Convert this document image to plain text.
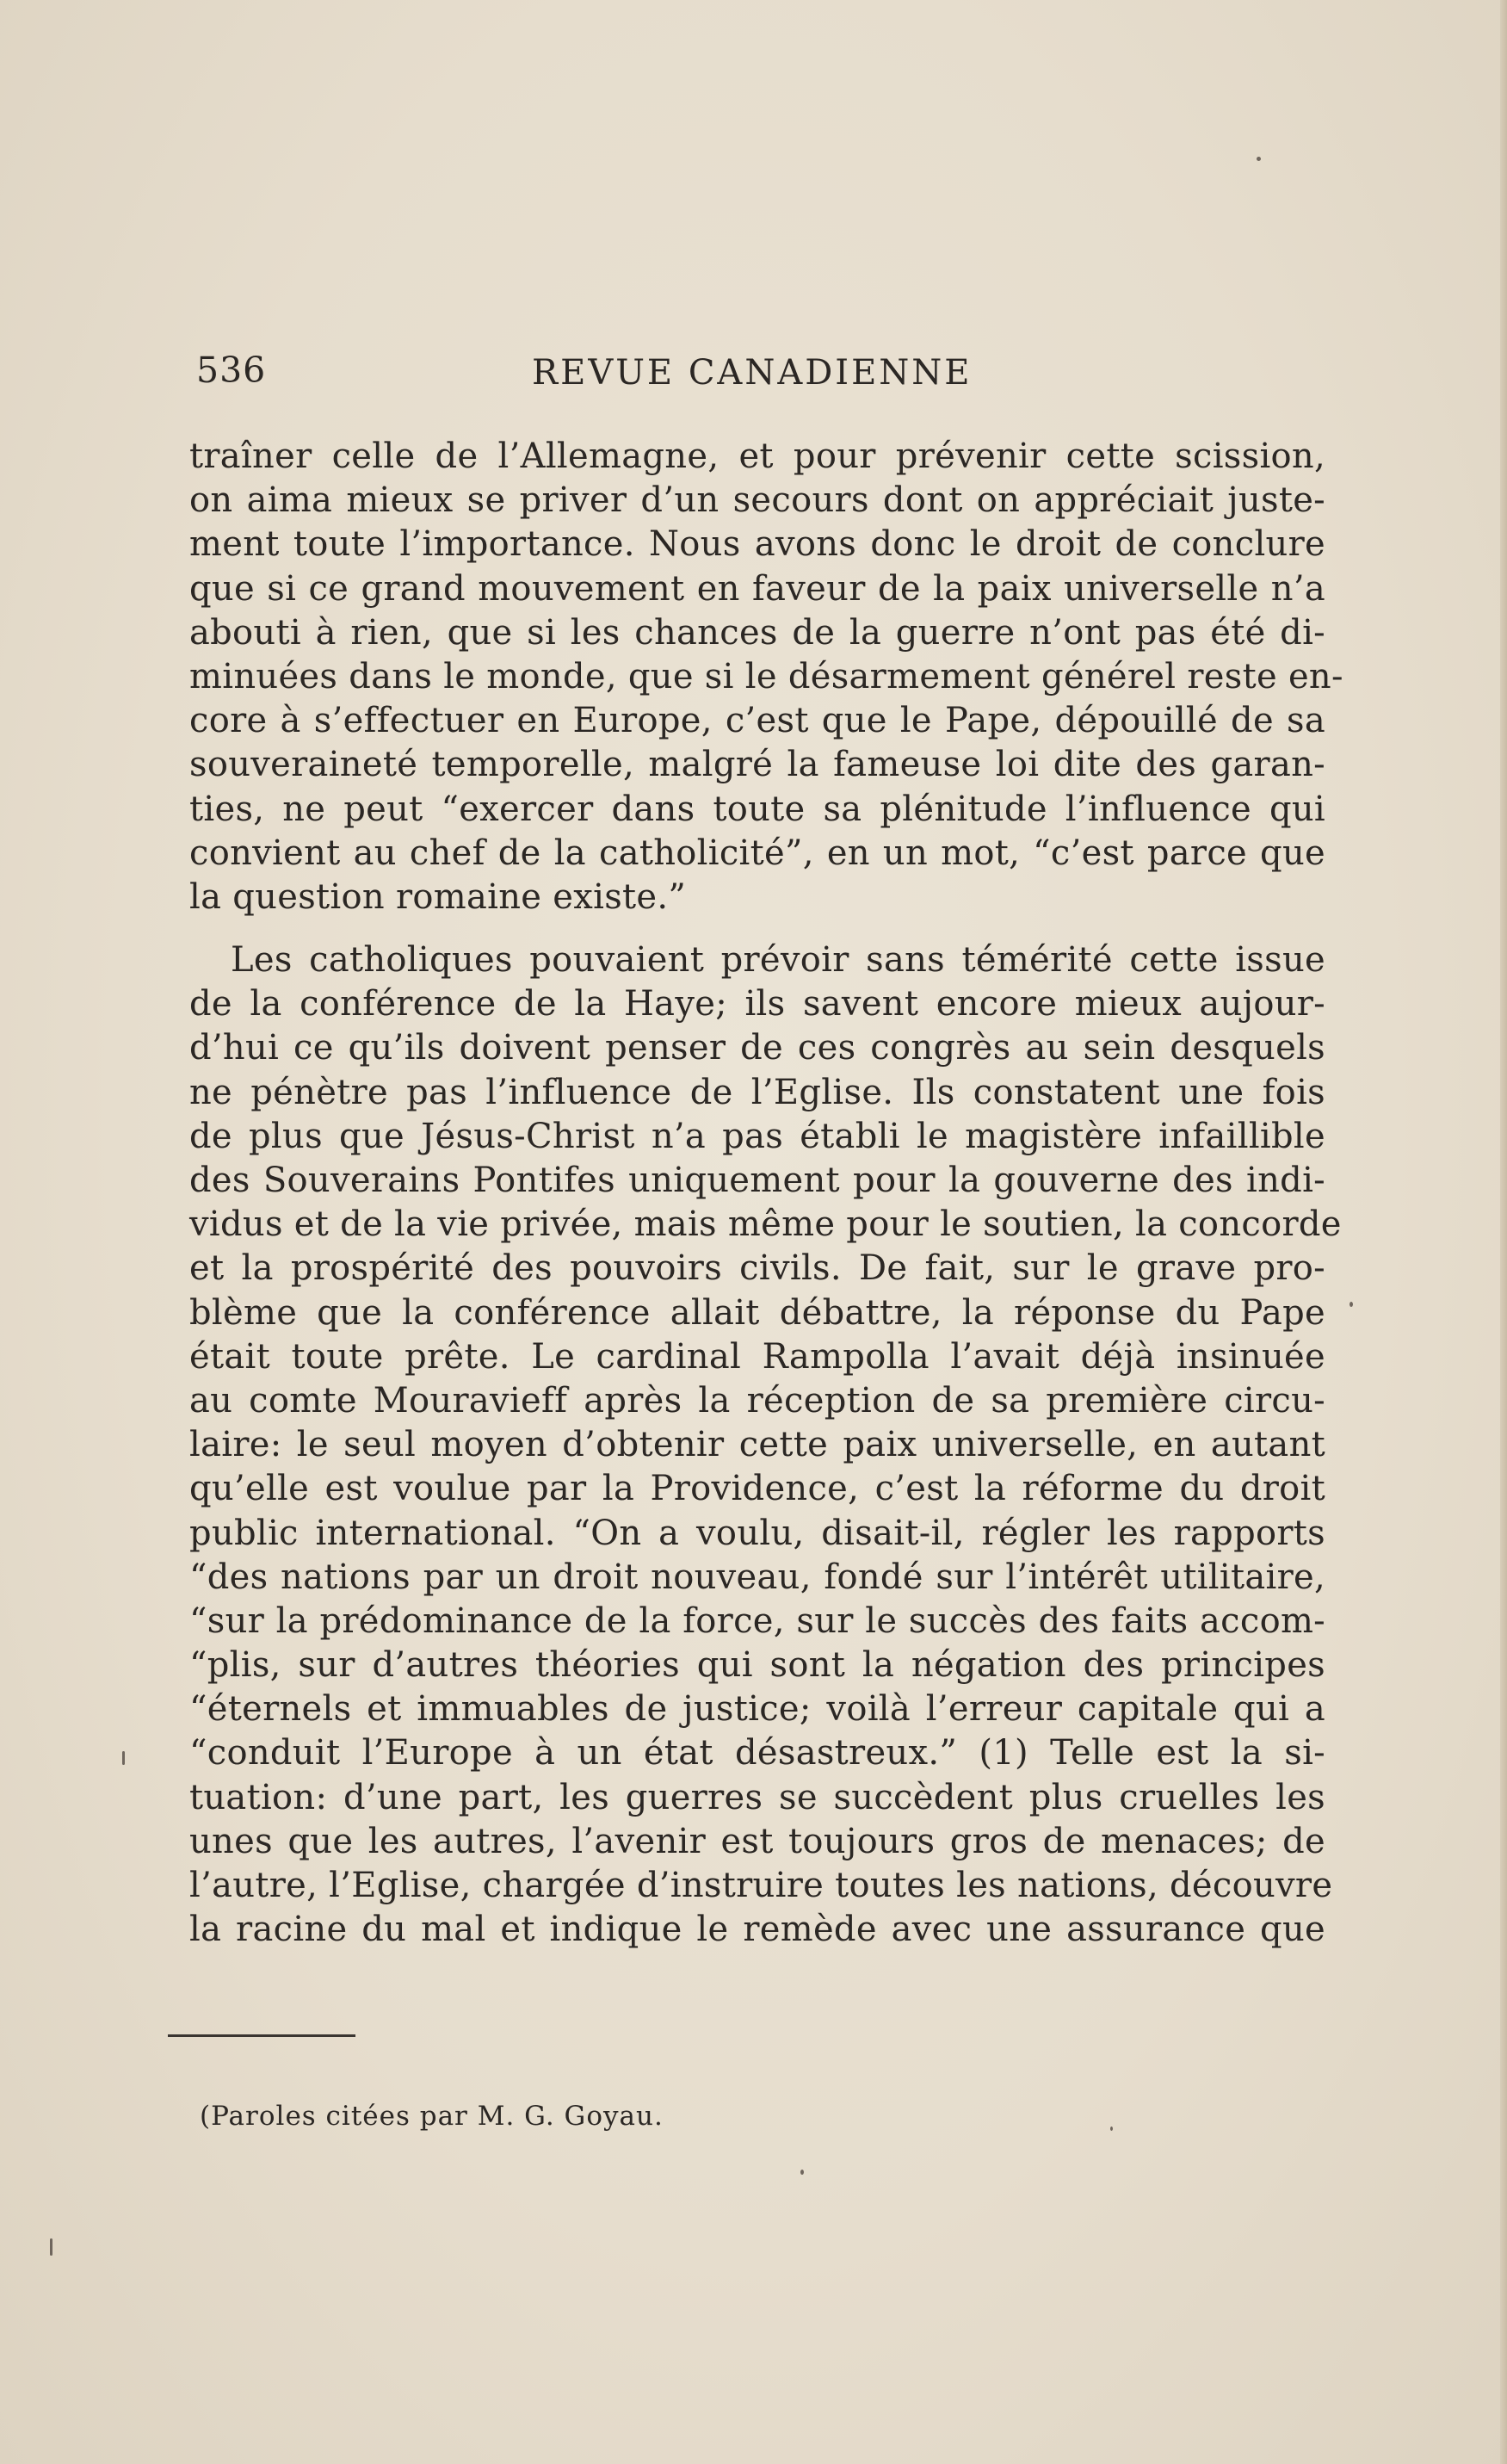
536	REVUE CANADIENNE
traîner celle de l’Allemagne, et pour prévenir cette scission,
on aima mieux se priver d’un secours dont on appréciait juste-
ment toute l’importance. Nous avons donc le droit de conclure
que si ce grand mouvement en faveur de la paix universelle n’a
abouti à rien, que si les chances de la guerre n’ont pas été di-
minuées dans le monde, que si le désarmement générel reste en-
core à s’effectuer en Europe, c’est que le Pape, dépouillé de sa
souveraineté temporelle, malgré la fameuse loi dite des garan-
ties, ne peut “exercer dans toute sa plénitude l’influence qui
convient au chef de la catholicité”, en un mot, “c’est parce que
la question romaine existe.”
Les catholiques pouvaient prévoir sans témérité cette issue
de la conférence de la Haye; ils savent encore mieux aujour-
d’hui ce qu’ils doivent penser de ces congrès au sein desquels
ne pénètre pas l’influence de l’Eglise. Ils constatent une fois
de plus que Jésus-Christ n’a pas établi le magistère infaillible
des Souverains Pontifes uniquement pour la gouverne des indi-
vidus et de la vie privée, mais même pour le soutien, la concorde
et la prospérité des pouvoirs civils. De fait, sur le grave pro-
blème que la conférence allait débattre, la réponse du Pape
était toute prête. Le cardinal Rampolla l’avait déjà insinuée
au comte Mouravieff après la réception de sa première circu-
laire: le seul moyen d’obtenir cette paix universelle, en autant
qu’elle est voulue par la Providence, c’est la réforme du droit
public international. “On a voulu, disait-il, régler les rapports
“des nations par un droit nouveau, fondé sur l’intérêt utilitaire,
“sur la prédominance de la force, sur le succès des faits accom-
“plis, sur d’autres théories qui sont la négation des principes
“éternels et immuables de justice; voilà l’erreur capitale qui a
“conduit l’Europe à un état désastreux.” (1) Telle est la si-
tuation: d’une part, les guerres se succèdent plus cruelles les
unes que les autres, l’avenir est toujours gros de menaces; de
l’autre, l’Eglise, chargée d’instruire toutes les nations, découvre
la racine du mal et indique le remède avec une assurance que
(Paroles citées par M. G. Goyau.
